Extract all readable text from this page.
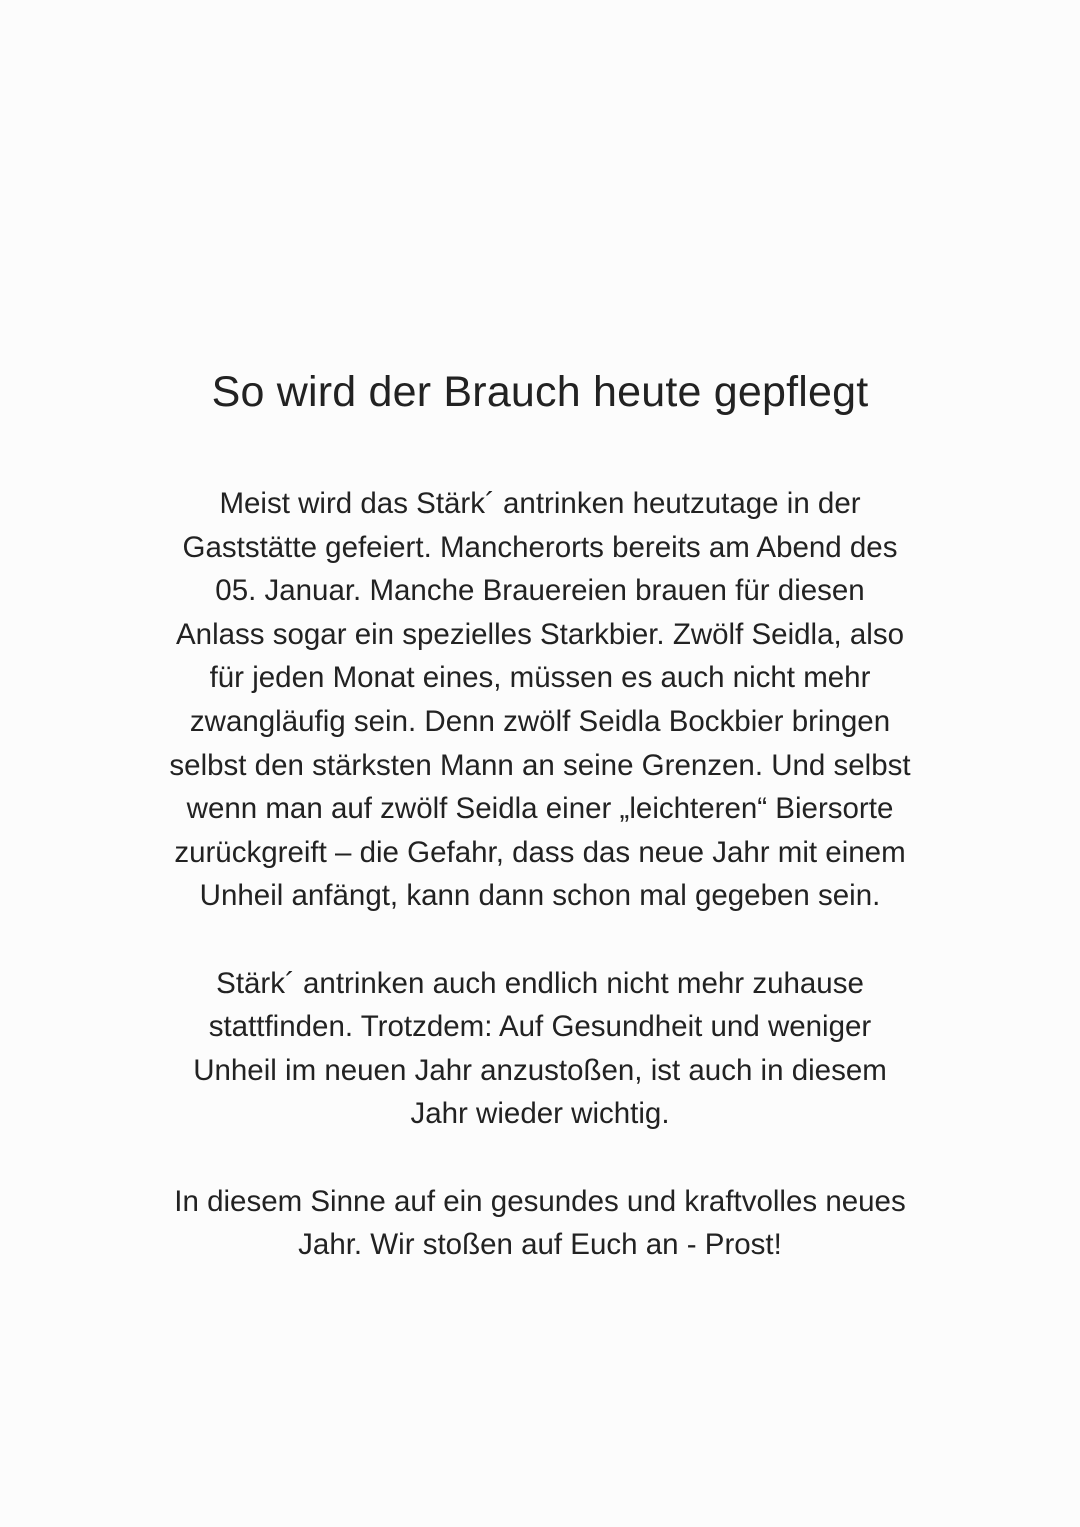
So wird der Brauch heute gepflegt

Meist wird das Stärk´ antrinken heutzutage in der
Gaststätte gefeiert. Mancherorts bereits am Abend des
05. Januar. Manche Brauereien brauen für diesen
Anlass sogar ein spezielles Starkbier. Zwölf Seidla, also
für jeden Monat eines, müssen es auch nicht mehr
zwangläufig sein. Denn zwölf Seidla Bockbier bringen
selbst den stärksten Mann an seine Grenzen. Und selbst
wenn man auf zwölf Seidla einer „leichteren“ Biersorte
zurückgreift – die Gefahr, dass das neue Jahr mit einem
Unheil anfängt, kann dann schon mal gegeben sein.

Stärk´ antrinken auch endlich nicht mehr zuhause
stattfinden. Trotzdem: Auf Gesundheit und weniger
Unheil im neuen Jahr anzustoßen, ist auch in diesem
Jahr wieder wichtig.

In diesem Sinne auf ein gesundes und kraftvolles neues
Jahr. Wir stoßen auf Euch an - Prost!
